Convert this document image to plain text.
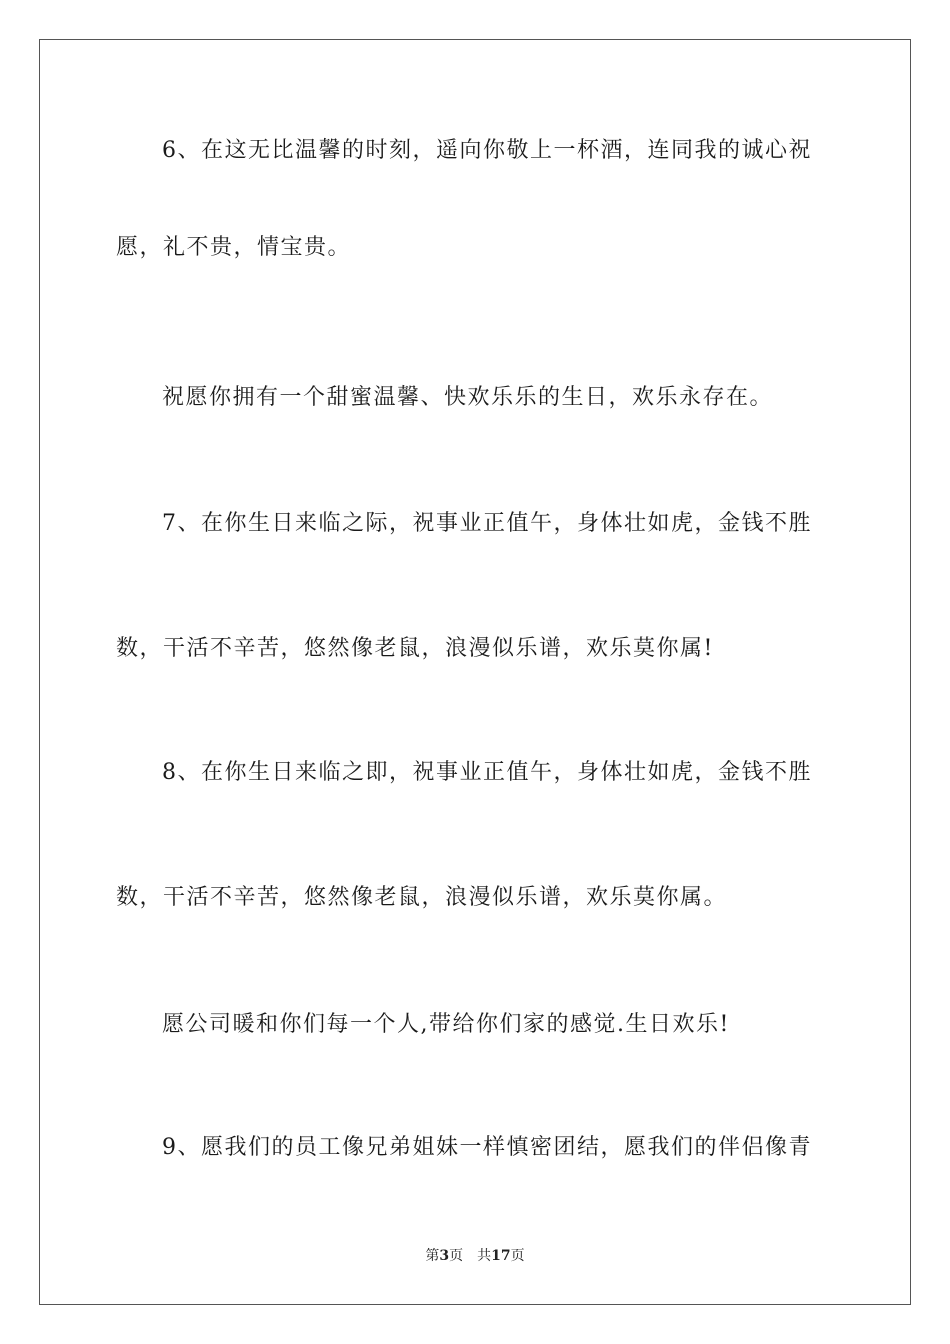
6、在这无比温馨的时刻，遥向你敬上一杯酒，连同我的诚心祝
愿，礼不贵，情宝贵。
祝愿你拥有一个甜蜜温馨、快欢乐乐的生日，欢乐永存在。
7、在你生日来临之际，祝事业正值午，身体壮如虎，金钱不胜
数，干活不辛苦，悠然像老鼠，浪漫似乐谱，欢乐莫你属!
8、在你生日来临之即，祝事业正值午，身体壮如虎，金钱不胜
数，干活不辛苦，悠然像老鼠，浪漫似乐谱，欢乐莫你属。
愿公司暖和你们每一个人,带给你们家的感觉.生日欢乐!
9、愿我们的员工像兄弟姐妹一样慎密团结，愿我们的伴侣像青
第3页 共17页
